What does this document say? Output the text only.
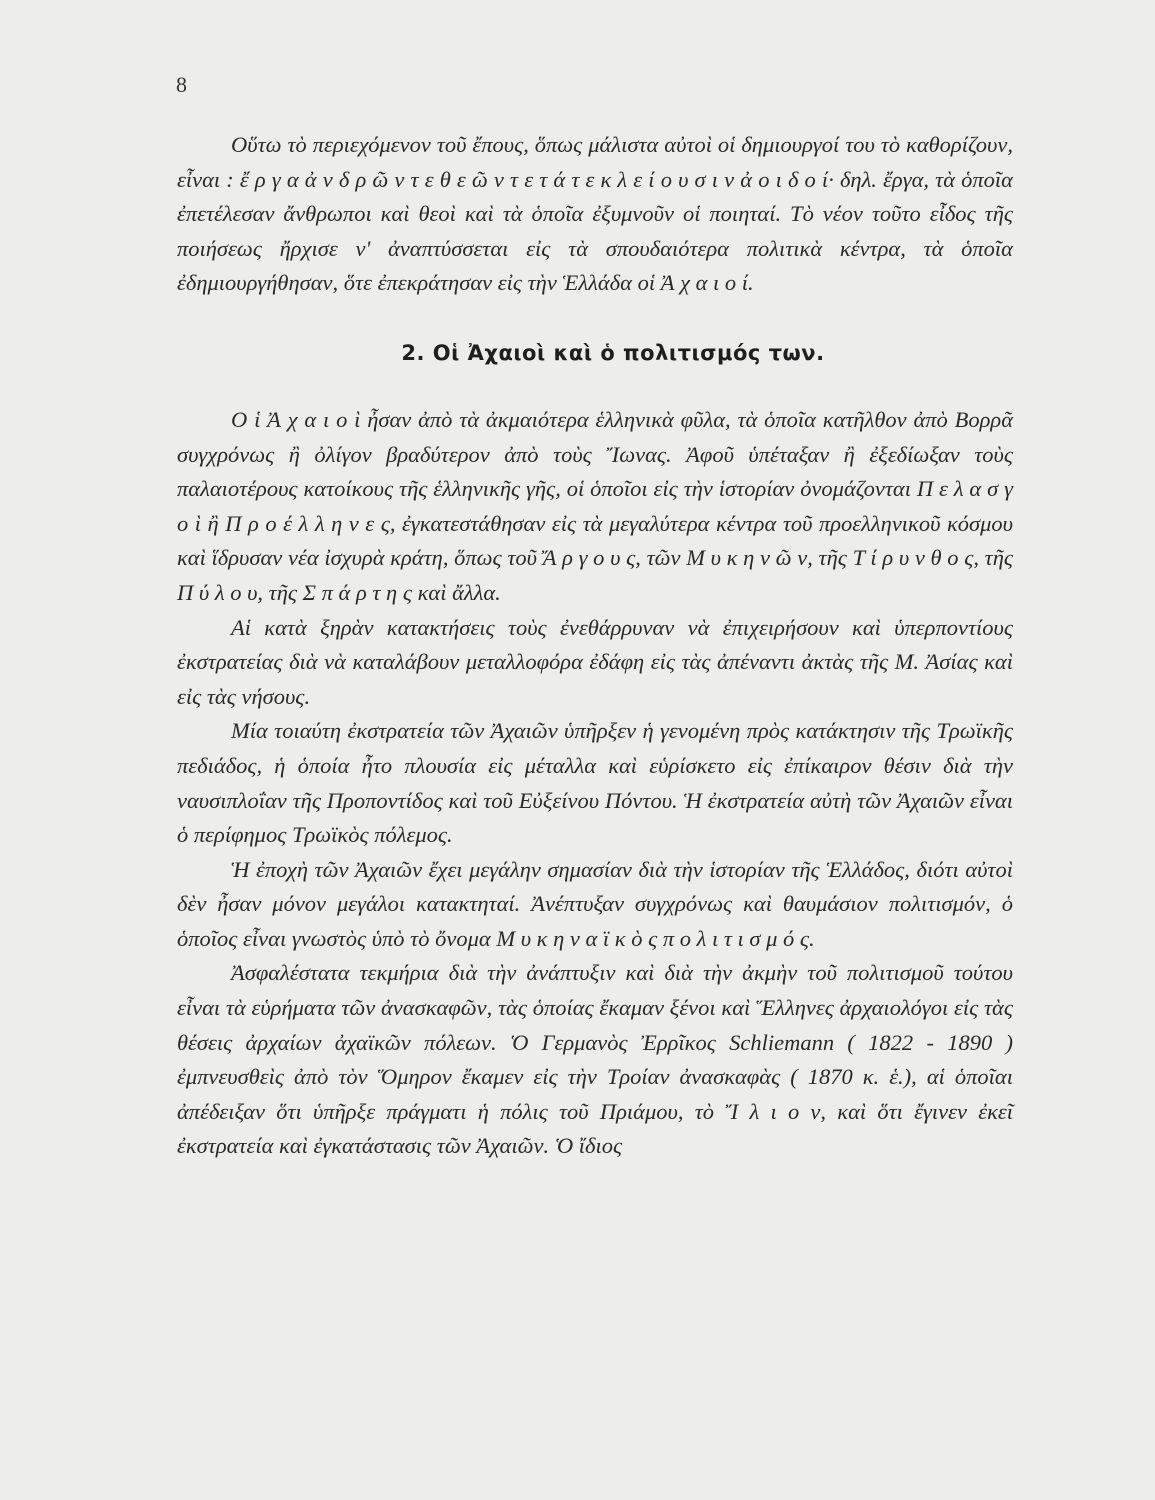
8

Οὕτω τὸ περιεχόμενον τοῦ ἔπους, ὅπως μάλιστα αὐτοὶ οἱ δημιουργοί του τὸ καθορίζουν, εἶναι : ἔ ρ γ α ἀ ν δ ρ ῶ ν τ ε θ ε ῶ ν τ ε τ ά τ ε κ λ ε ί ο υ σ ι ν ἀ ο ι δ ο ί· δηλ. ἔργα, τὰ ὁποῖα ἐπετέλεσαν ἄνθρωποι καὶ θεοὶ καὶ τὰ ὁποῖα ἐξυμνοῦν οἱ ποιηταί. Τὸ νέον τοῦτο εἶδος τῆς ποιήσεως ἤρχισε ν' ἀναπτύσσεται εἰς τὰ σπουδαιότερα πολιτικὰ κέντρα, τὰ ὁποῖα ἐδημιουργήθησαν, ὅτε ἐπεκράτησαν εἰς τὴν Ἑλλάδα οἱ Ἀ χ α ι ο ί.

2. Οἱ Ἀχαιοὶ καὶ ὁ πολιτισμός των.

Ο ἱ Ἀ χ α ι ο ὶ ἦσαν ἀπὸ τὰ ἀκμαιότερα ἑλληνικὰ φῦλα, τὰ ὁποῖα κατῆλθον ἀπὸ Βορρᾶ συγχρόνως ἢ ὀλίγον βραδύτερον ἀπὸ τοὺς Ἴωνας. Ἀφοῦ ὑπέταξαν ἢ ἐξεδίωξαν τοὺς παλαιοτέρους κατοίκους τῆς ἑλληνικῆς γῆς, οἱ ὁποῖοι εἰς τὴν ἱστορίαν ὀνομάζονται Π ε λ α σ γ ο ὶ ἢ Π ρ ο έ λ λ η ν ε ς, ἐγκατεστάθησαν εἰς τὰ μεγαλύτερα κέντρα τοῦ προελληνικοῦ κόσμου καὶ ἵδρυσαν νέα ἰσχυρὰ κράτη, ὅπως τοῦ Ἄ ρ γ ο υ ς, τῶν Μ υ κ η ν ῶ ν, τῆς Τ ί ρ υ ν θ ο ς, τῆς Π ύ λ ο υ, τῆς Σ π ά ρ τ η ς καὶ ἄλλα.

Αἱ κατὰ ξηρὰν κατακτήσεις τοὺς ἐνεθάρρυναν νὰ ἐπιχειρήσουν καὶ ὑπερποντίους ἐκστρατείας διὰ νὰ καταλάβουν μεταλλοφόρα ἐδάφη εἰς τὰς ἀπέναντι ἀκτὰς τῆς Μ. Ἀσίας καὶ εἰς τὰς νήσους.

Μία τοιαύτη ἐκστρατεία τῶν Ἀχαιῶν ὑπῆρξεν ἡ γενομένη πρὸς κατάκτησιν τῆς Τρωϊκῆς πεδιάδος, ἡ ὁποία ἦτο πλουσία εἰς μέταλλα καὶ εὑρίσκετο εἰς ἐπίκαιρον θέσιν διὰ τὴν ναυσιπλοΐαν τῆς Προποντίδος καὶ τοῦ Εὐξείνου Πόντου. Ἡ ἐκστρατεία αὐτὴ τῶν Ἀχαιῶν εἶναι ὁ περίφημος Τρωϊκὸς πόλεμος.

Ἡ ἐποχὴ τῶν Ἀχαιῶν ἔχει μεγάλην σημασίαν διὰ τὴν ἱστορίαν τῆς Ἑλλάδος, διότι αὐτοὶ δὲν ἦσαν μόνον μεγάλοι κατακτηταί. Ἀνέπτυξαν συγχρόνως καὶ θαυμάσιον πολιτισμόν, ὁ ὁποῖος εἶναι γνωστὸς ὑπὸ τὸ ὄνομα Μ υ κ η ν α ϊ κ ὸ ς π ο λ ι τ ι σ μ ό ς.

Ἀσφαλέστατα τεκμήρια διὰ τὴν ἀνάπτυξιν καὶ διὰ τὴν ἀκμὴν τοῦ πολιτισμοῦ τούτου εἶναι τὰ εὑρήματα τῶν ἀνασκαφῶν, τὰς ὁποίας ἔκαμαν ξένοι καὶ Ἕλληνες ἀρχαιολόγοι εἰς τὰς θέσεις ἀρχαίων ἀχαϊκῶν πόλεων. Ὁ Γερμανὸς Ἐρρῖκος Schliemann ( 1822 - 1890 ) ἐμπνευσθεὶς ἀπὸ τὸν Ὅμηρον ἔκαμεν εἰς τὴν Τροίαν ἀνασκαφὰς ( 1870 κ. ἑ.), αἱ ὁποῖαι ἀπέδειξαν ὅτι ὑπῆρξε πράγματι ἡ πόλις τοῦ Πριάμου, τὸ Ἴ λ ι ο ν, καὶ ὅτι ἔγινεν ἐκεῖ ἐκστρατεία καὶ ἐγκατάστασις τῶν Ἀχαιῶν. Ὁ ἴδιος
